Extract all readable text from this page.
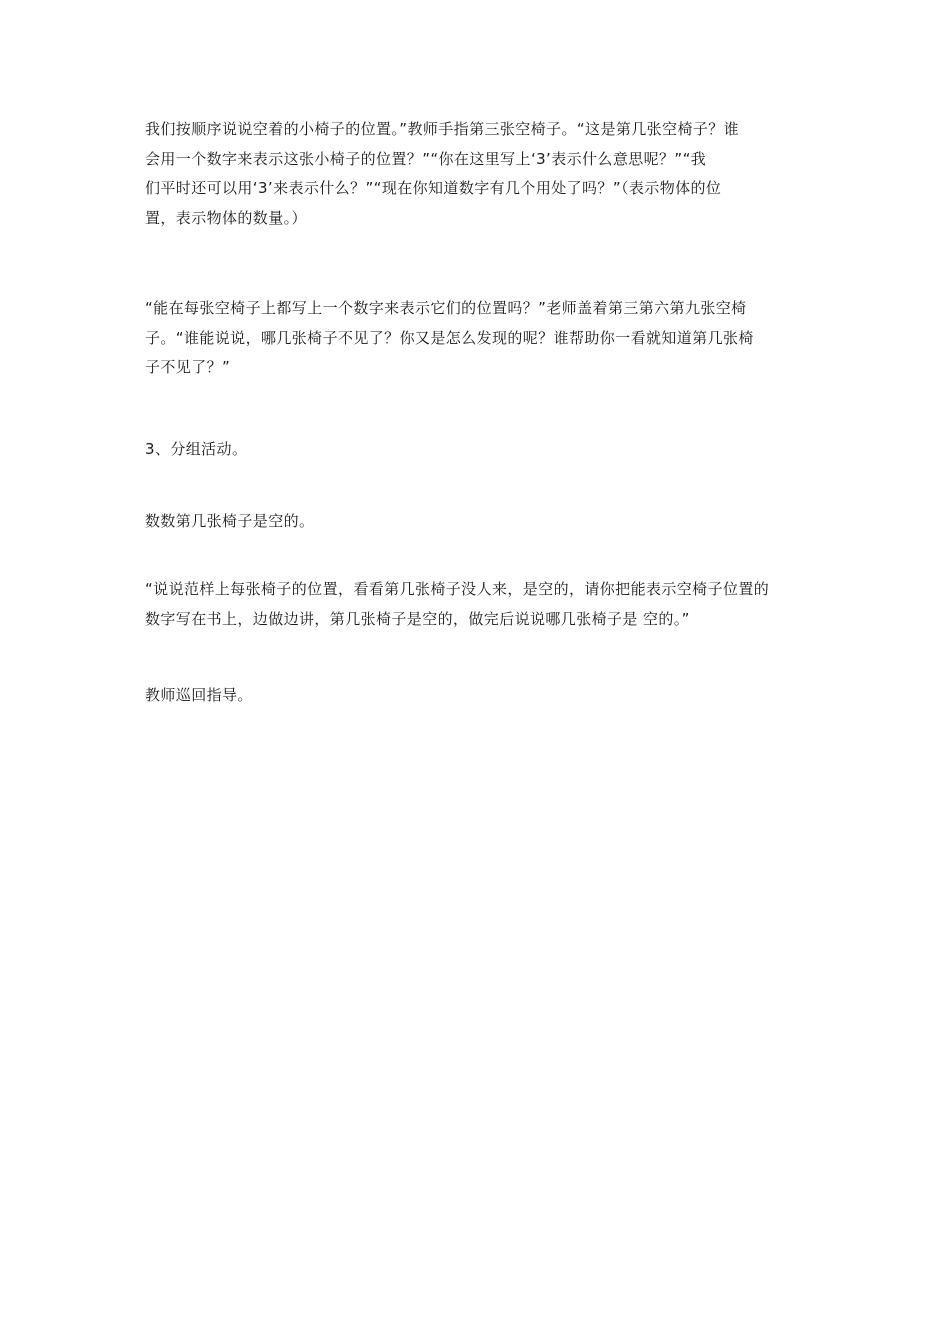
我们按顺序说说空着的小椅子的位置。”教师手指第三张空椅子。“这是第几张空椅子？谁
会用一个数字来表示这张小椅子的位置？”“你在这里写上‘3’表示什么意思呢？”“我
们平时还可以用‘3’来表示什么？”“现在你知道数字有几个用处了吗？”（表示物体的位
置，表示物体的数量。）

“能在每张空椅子上都写上一个数字来表示它们的位置吗？”老师盖着第三第六第九张空椅
子。“谁能说说，哪几张椅子不见了？你又是怎么发现的呢？谁帮助你一看就知道第几张椅
子不见了？”

3、分组活动。

数数第几张椅子是空的。

“说说范样上每张椅子的位置，看看第几张椅子没人来，是空的，请你把能表示空椅子位置的
数字写在书上，边做边讲，第几张椅子是空的，做完后说说哪几张椅子是 空的。”

教师巡回指导。
